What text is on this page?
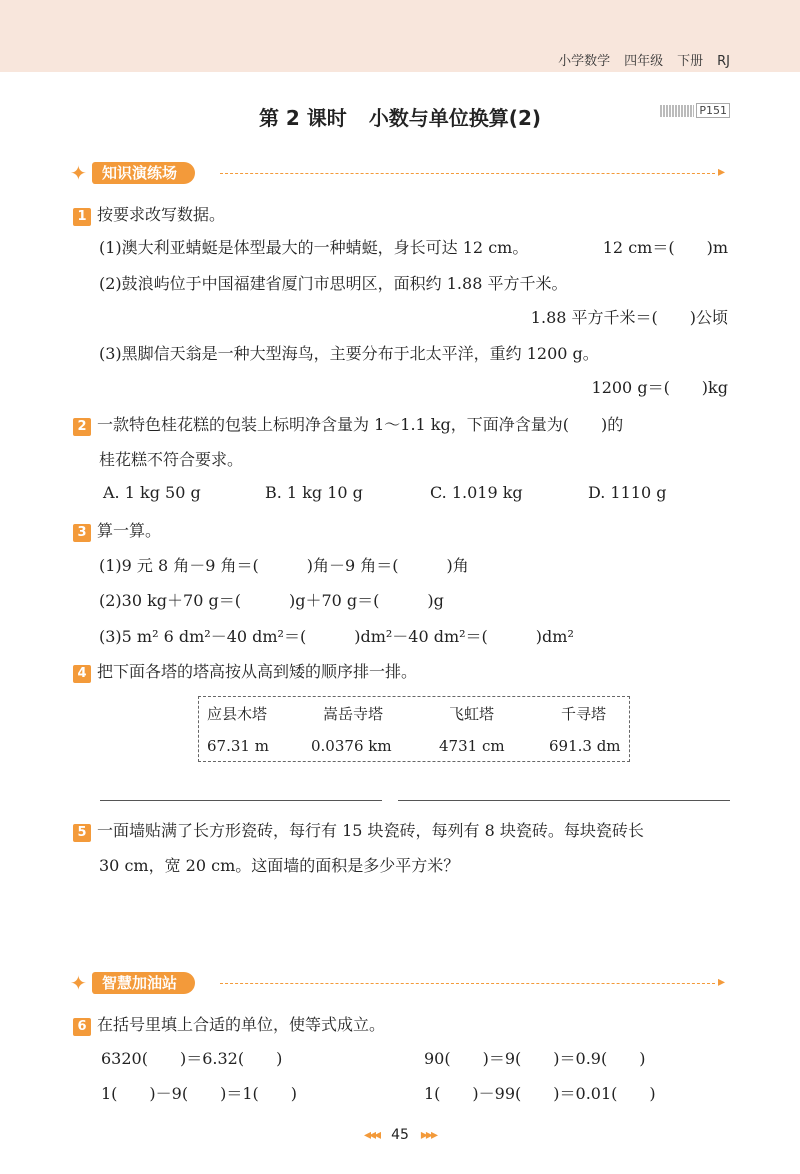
小学数学 四年级 下册 RJ
第 2 课时 小数与单位换算(2)	P151
✦	知识演练场	▸
1 按要求改写数据。
(1)澳大利亚蜻蜓是体型最大的一种蜻蜓，身长可达 12 cm。	12 cm＝(　　)m
(2)鼓浪屿位于中国福建省厦门市思明区，面积约 1.88 平方千米。
1.88 平方千米＝(　　)公顷
(3)黑脚信天翁是一种大型海鸟，主要分布于北太平洋，重约 1200 g。
1200 g＝(　　)kg
2 一款特色桂花糕的包装上标明净含量为 1～1.1 kg，下面净含量为(　　)的
桂花糕不符合要求。
A. 1 kg 50 g	B. 1 kg 10 g	C. 1.019 kg	D. 1110 g
3 算一算。
(1)9 元 8 角－9 角＝(　　　)角－9 角＝(　　　)角
(2)30 kg＋70 g＝(　　　)g＋70 g＝(　　　)g
(3)5 m² 6 dm²－40 dm²＝(　　　)dm²－40 dm²＝(　　　)dm²
4 把下面各塔的塔高按从高到矮的顺序排一排。
应县木塔	嵩岳寺塔	飞虹塔	千寻塔
67.31 m	0.0376 km	4731 cm	691.3 dm
5 一面墙贴满了长方形瓷砖，每行有 15 块瓷砖，每列有 8 块瓷砖。每块瓷砖长
30 cm，宽 20 cm。这面墙的面积是多少平方米？
✦	智慧加油站	▸
6 在括号里填上合适的单位，使等式成立。
6320(　　)＝6.32(　　)	90(　　)＝9(　　)＝0.9(　　)
1(　　)－9(　　)＝1(　　)	1(　　)－99(　　)＝0.01(　　)
◂◂◂ 45 ▸▸▸
